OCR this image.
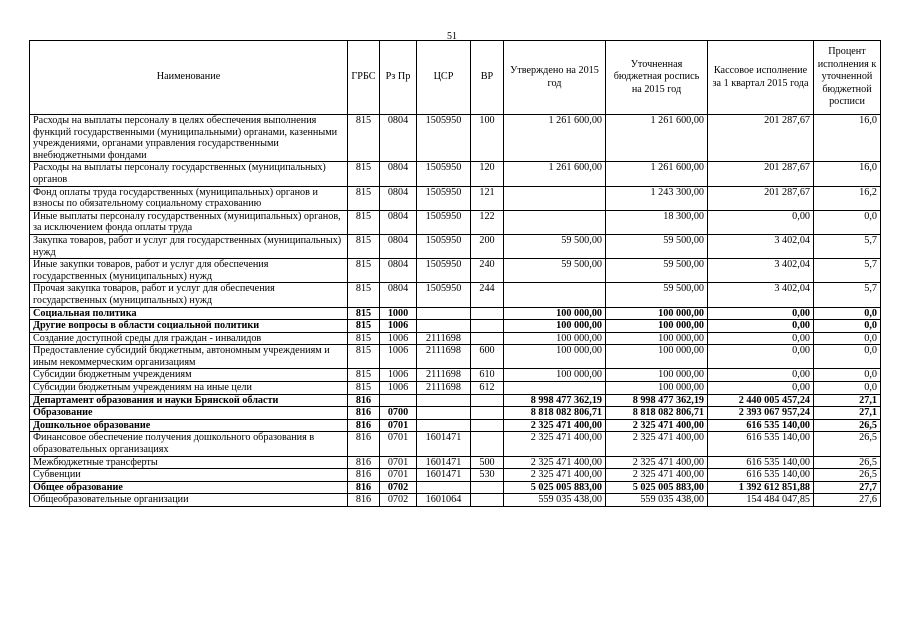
51
Наименование	ГРБС	Рз Пр	ЦСР	ВР	Утверждено на 2015 год	Уточненная бюджетная роспись на 2015 год	Кассовое исполнение за 1 квартал 2015 года	Процент исполнения к уточненной бюджетной росписи
Расходы на выплаты персоналу в целях обеспечения выполнения функций государственными (муниципальными) органами, казенными учреждениями, органами управления государственными внебюджетными фондами	815	0804	1505950	100	1 261 600,00	1 261 600,00	201 287,67	16,0
Расходы на выплаты персоналу государственных (муниципальных) органов	815	0804	1505950	120	1 261 600,00	1 261 600,00	201 287,67	16,0
Фонд оплаты труда государственных (муниципальных) органов и взносы по обязательному социальному страхованию	815	0804	1505950	121		1 243 300,00	201 287,67	16,2
Иные выплаты персоналу государственных (муниципальных) органов, за исключением фонда оплаты труда	815	0804	1505950	122		18 300,00	0,00	0,0
Закупка товаров, работ и услуг для государственных (муниципальных) нужд	815	0804	1505950	200	59 500,00	59 500,00	3 402,04	5,7
Иные закупки товаров, работ и услуг для обеспечения государственных (муниципальных) нужд	815	0804	1505950	240	59 500,00	59 500,00	3 402,04	5,7
Прочая закупка товаров, работ и услуг для обеспечения государственных (муниципальных) нужд	815	0804	1505950	244		59 500,00	3 402,04	5,7
Социальная политика	815	1000			100 000,00	100 000,00	0,00	0,0
Другие вопросы в области социальной политики	815	1006			100 000,00	100 000,00	0,00	0,0
Создание доступной среды для граждан - инвалидов	815	1006	2111698		100 000,00	100 000,00	0,00	0,0
Предоставление субсидий бюджетным, автономным учреждениям и иным некоммерческим организациям	815	1006	2111698	600	100 000,00	100 000,00	0,00	0,0
Субсидии бюджетным учреждениям	815	1006	2111698	610	100 000,00	100 000,00	0,00	0,0
Субсидии бюджетным учреждениям на иные цели	815	1006	2111698	612		100 000,00	0,00	0,0
Департамент образования и науки Брянской области	816				8 998 477 362,19	8 998 477 362,19	2 440 005 457,24	27,1
Образование	816	0700			8 818 082 806,71	8 818 082 806,71	2 393 067 957,24	27,1
Дошкольное образование	816	0701			2 325 471 400,00	2 325 471 400,00	616 535 140,00	26,5
Финансовое обеспечение получения дошкольного образования в образовательных организациях	816	0701	1601471		2 325 471 400,00	2 325 471 400,00	616 535 140,00	26,5
Межбюджетные трансферты	816	0701	1601471	500	2 325 471 400,00	2 325 471 400,00	616 535 140,00	26,5
Субвенции	816	0701	1601471	530	2 325 471 400,00	2 325 471 400,00	616 535 140,00	26,5
Общее образование	816	0702			5 025 005 883,00	5 025 005 883,00	1 392 612 851,88	27,7
Общеобразовательные организации	816	0702	1601064		559 035 438,00	559 035 438,00	154 484 047,85	27,6
